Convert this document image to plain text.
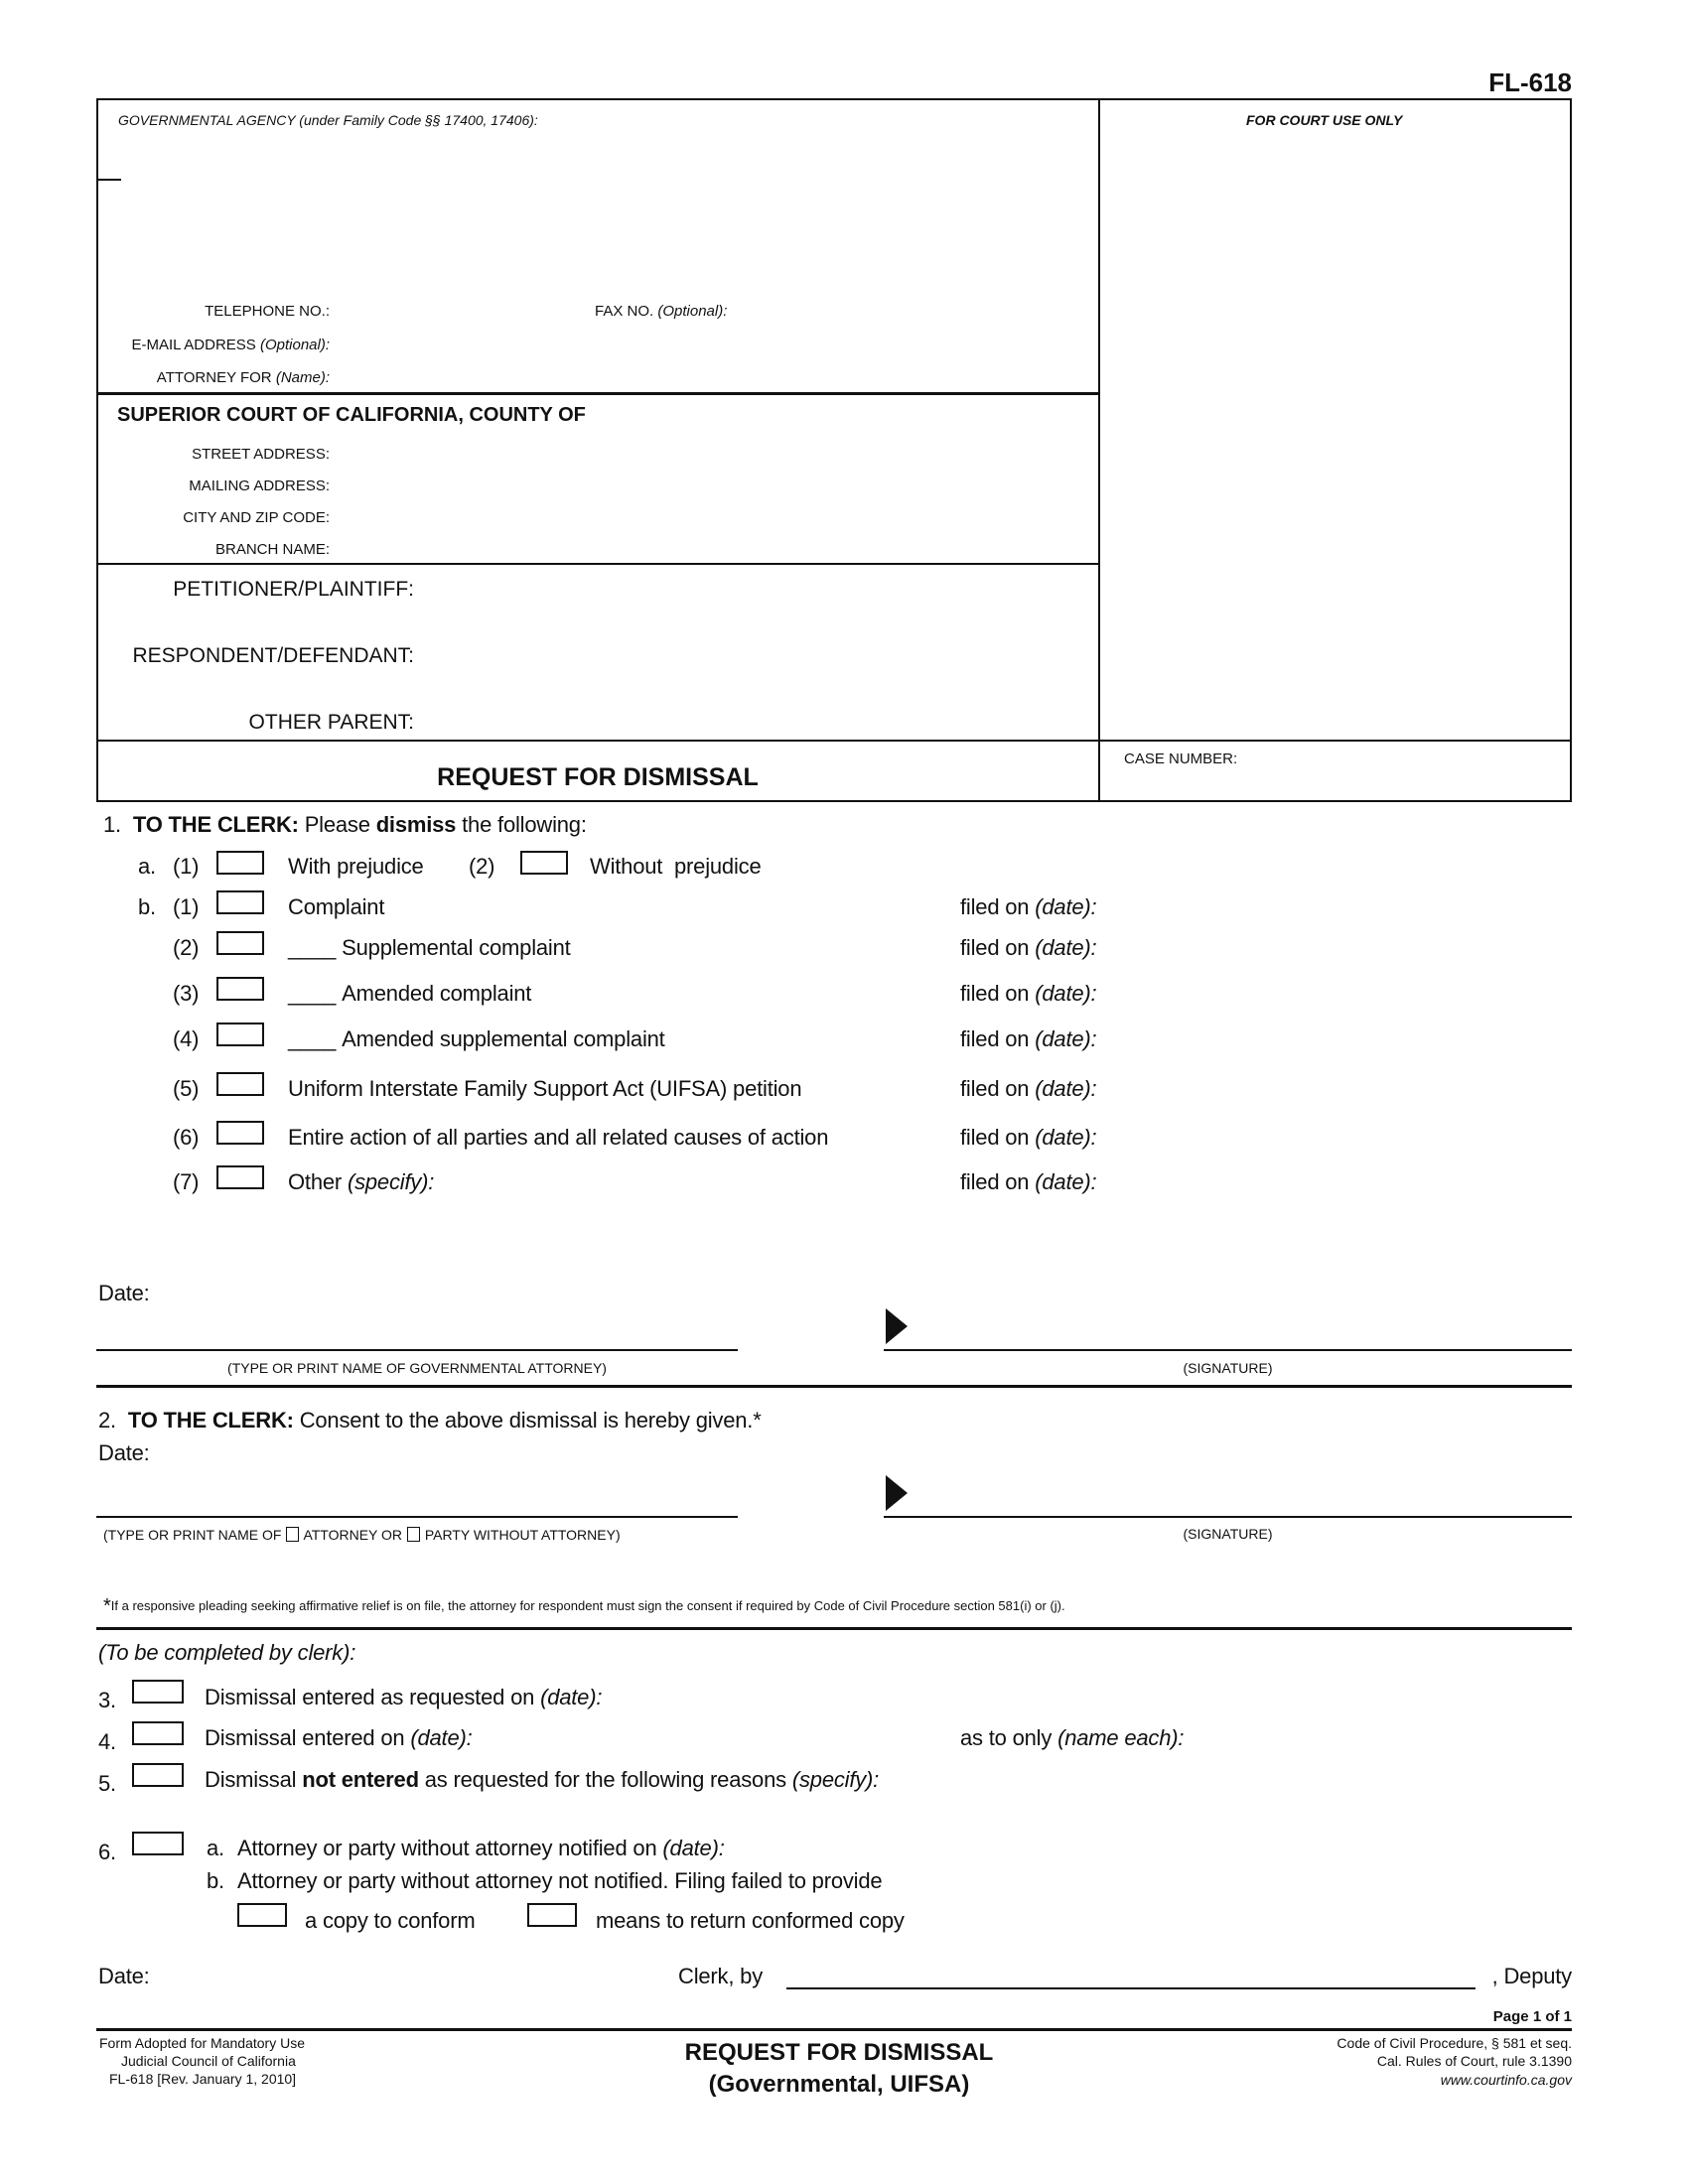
FL-618
GOVERNMENTAL AGENCY (under Family Code §§ 17400, 17406):	FOR COURT USE ONLY
TELEPHONE NO.:	FAX NO. (Optional):
E-MAIL ADDRESS (Optional):
ATTORNEY FOR (Name):
SUPERIOR COURT OF CALIFORNIA, COUNTY OF
STREET ADDRESS:
MAILING ADDRESS:
CITY AND ZIP CODE:
BRANCH NAME:
PETITIONER/PLAINTIFF:
RESPONDENT/DEFENDANT:
OTHER PARENT:
REQUEST FOR DISMISSAL
CASE NUMBER:
1. TO THE CLERK: Please dismiss the following:
a. (1)	With prejudice (2)	Without  prejudice
b. (1)	Complaint	filed on (date):
(2)	____ Supplemental complaint	filed on (date):
(3)	____ Amended complaint	filed on (date):
(4)	____ Amended supplemental complaint	filed on (date):
(5)	Uniform Interstate Family Support Act (UIFSA) petition	filed on (date):
(6)	Entire action of all parties and all related causes of action	filed on (date):
(7)	Other (specify):	filed on (date):
Date:
(TYPE OR PRINT NAME OF GOVERNMENTAL ATTORNEY)	(SIGNATURE)
2. TO THE CLERK: Consent to the above dismissal is hereby given.*
Date:
(TYPE OR PRINT NAME OF ATTORNEY OR PARTY WITHOUT ATTORNEY)	(SIGNATURE)
*If a responsive pleading seeking affirmative relief is on file, the attorney for respondent must sign the consent if required by Code of Civil Procedure section 581(i) or (j).
(To be completed by clerk):
3.	Dismissal entered as requested on (date):
4.	Dismissal entered on (date):	as to only (name each):
5.	Dismissal not entered as requested for the following reasons (specify):
6.	a. Attorney or party without attorney notified on (date):
b. Attorney or party without attorney not notified. Filing failed to provide
a copy to conform	means to return conformed copy
Date:	Clerk, by	, Deputy
Page 1 of 1
Form Adopted for Mandatory Use
Judicial Council of California
FL-618 [Rev. January 1, 2010]
REQUEST FOR DISMISSAL
(Governmental, UIFSA)
Code of Civil Procedure, § 581 et seq.
Cal. Rules of Court, rule 3.1390
www.courtinfo.ca.gov
